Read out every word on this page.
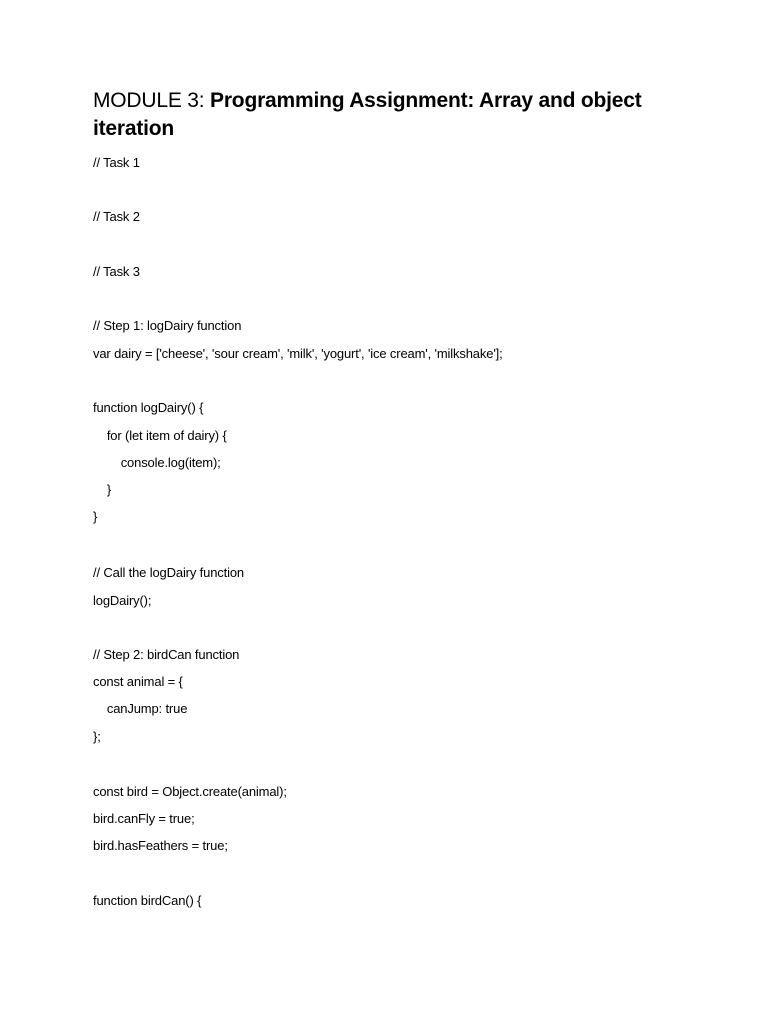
MODULE 3: Programming Assignment: Array and object iteration
// Task 1
// Task 2
// Task 3
// Step 1: logDairy function
var dairy = ['cheese', 'sour cream', 'milk', 'yogurt', 'ice cream', 'milkshake'];
function logDairy() {
for (let item of dairy) {
console.log(item);
}
}
// Call the logDairy function
logDairy();
// Step 2: birdCan function
const animal = {
canJump: true
};
const bird = Object.create(animal);
bird.canFly = true;
bird.hasFeathers = true;
function birdCan() {
